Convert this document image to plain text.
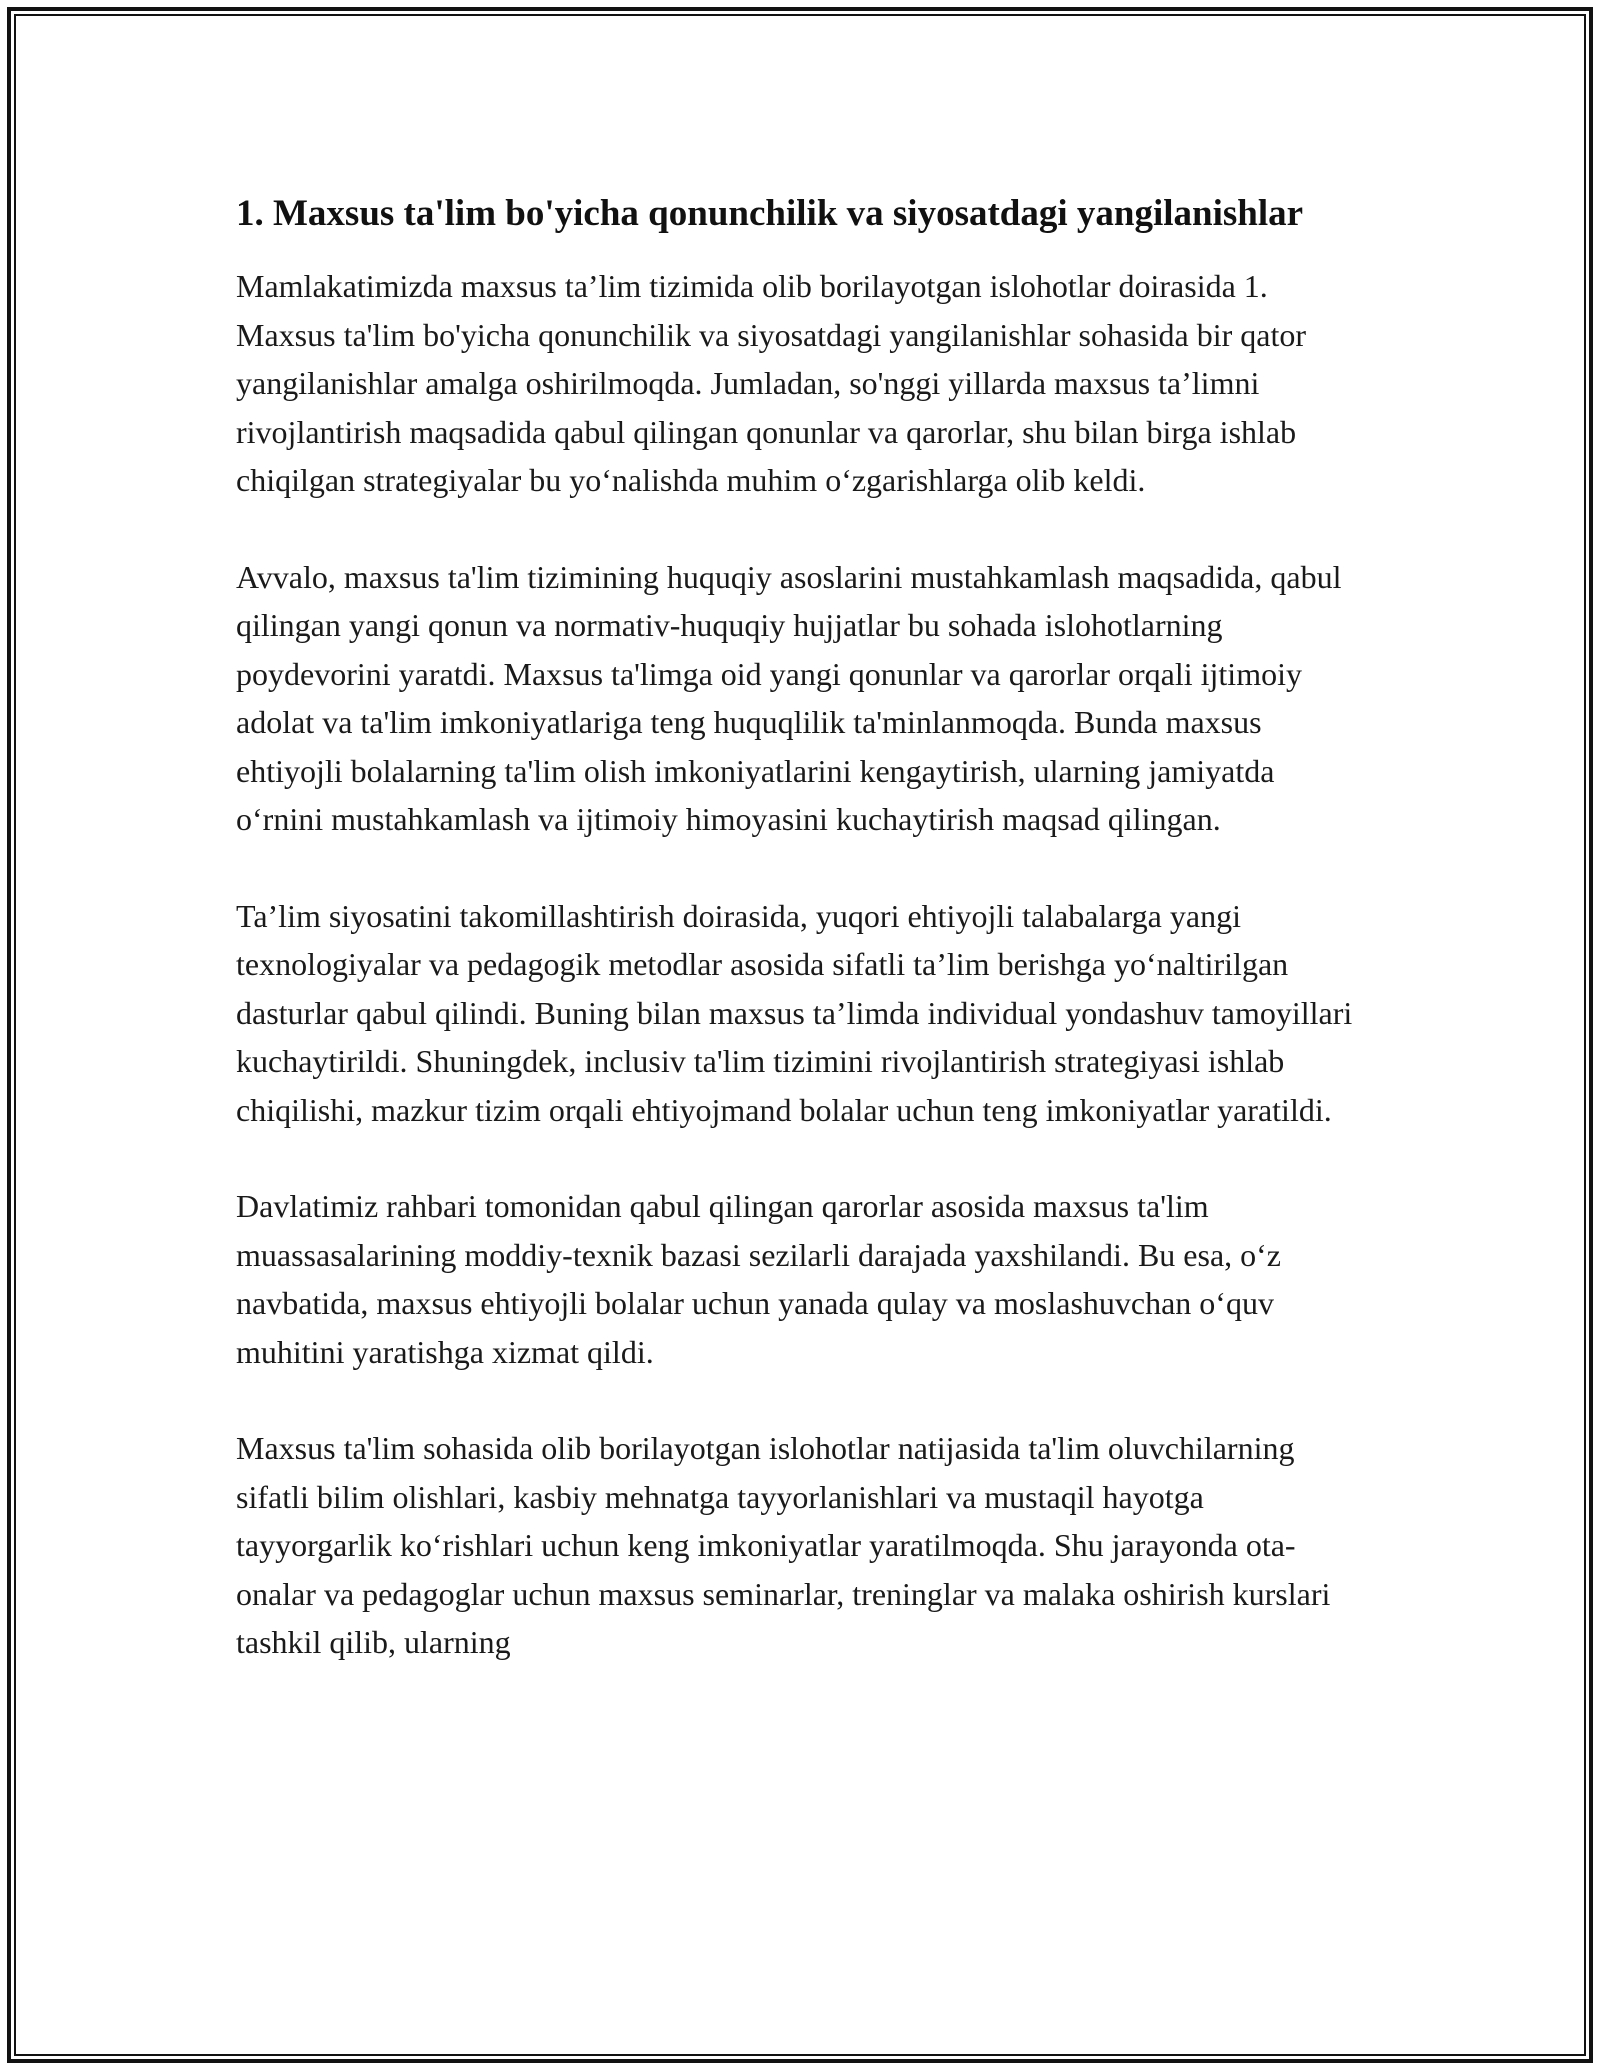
1. Maxsus ta'lim bo'yicha qonunchilik va siyosatdagi yangilanishlar

Mamlakatimizda maxsus ta’lim tizimida olib borilayotgan islohotlar doirasida 1. Maxsus ta'lim bo'yicha qonunchilik va siyosatdagi yangilanishlar sohasida bir qator yangilanishlar amalga oshirilmoqda. Jumladan, so'nggi yillarda maxsus ta’limni rivojlantirish maqsadida qabul qilingan qonunlar va qarorlar, shu bilan birga ishlab chiqilgan strategiyalar bu yo‘nalishda muhim o‘zgarishlarga olib keldi.

Avvalo, maxsus ta'lim tizimining huquqiy asoslarini mustahkamlash maqsadida, qabul qilingan yangi qonun va normativ-huquqiy hujjatlar bu sohada islohotlarning poydevorini yaratdi. Maxsus ta'limga oid yangi qonunlar va qarorlar orqali ijtimoiy adolat va ta'lim imkoniyatlariga teng huquqlilik ta'minlanmoqda. Bunda maxsus ehtiyojli bolalarning ta'lim olish imkoniyatlarini kengaytirish, ularning jamiyatda o‘rnini mustahkamlash va ijtimoiy himoyasini kuchaytirish maqsad qilingan.

Ta’lim siyosatini takomillashtirish doirasida, yuqori ehtiyojli talabalarga yangi texnologiyalar va pedagogik metodlar asosida sifatli ta’lim berishga yo‘naltirilgan dasturlar qabul qilindi. Buning bilan maxsus ta’limda individual yondashuv tamoyillari kuchaytirildi. Shuningdek, inclusiv ta'lim tizimini rivojlantirish strategiyasi ishlab chiqilishi, mazkur tizim orqali ehtiyojmand bolalar uchun teng imkoniyatlar yaratildi.

Davlatimiz rahbari tomonidan qabul qilingan qarorlar asosida maxsus ta'lim muassasalarining moddiy-texnik bazasi sezilarli darajada yaxshilandi. Bu esa, o‘z navbatida, maxsus ehtiyojli bolalar uchun yanada qulay va moslashuvchan o‘quv muhitini yaratishga xizmat qildi.

Maxsus ta'lim sohasida olib borilayotgan islohotlar natijasida ta'lim oluvchilarning sifatli bilim olishlari, kasbiy mehnatga tayyorlanishlari va mustaqil hayotga tayyorgarlik ko‘rishlari uchun keng imkoniyatlar yaratilmoqda. Shu jarayonda ota-onalar va pedagoglar uchun maxsus seminarlar, treninglar va malaka oshirish kurslari tashkil qilib, ularning
